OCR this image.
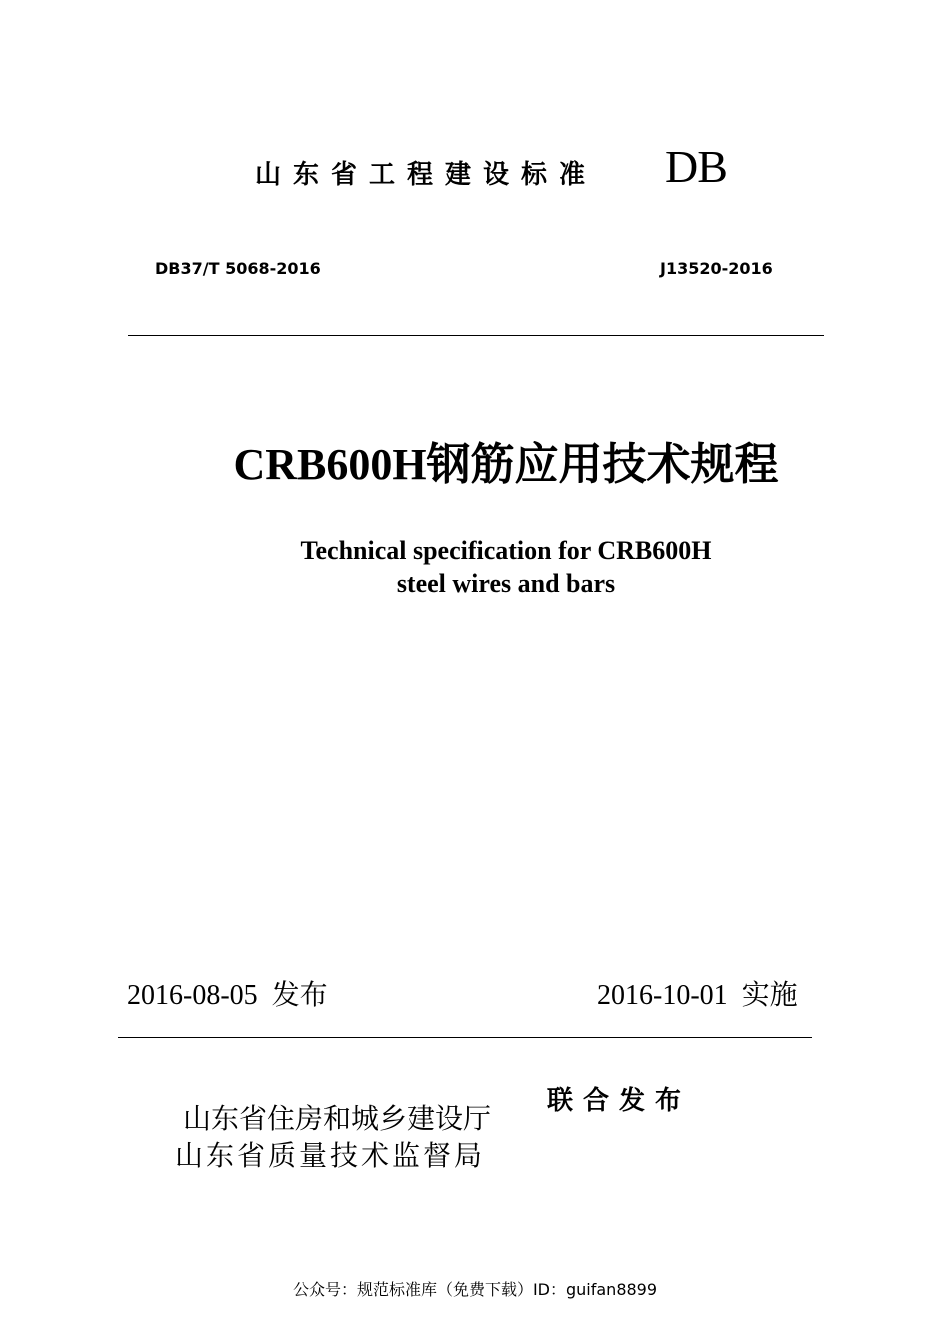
山东省工程建设标准 DB
DB37/T 5068-2016	J13520-2016
CRB600H钢筋应用技术规程
Technical specification for CRB600H
steel wires and bars
2016-08-05  发布	2016-10-01  实施
山东省住房和城乡建设厅
山东省质量技术监督局
联合发布
公众号：规范标准库（免费下载）ID：guifan8899
